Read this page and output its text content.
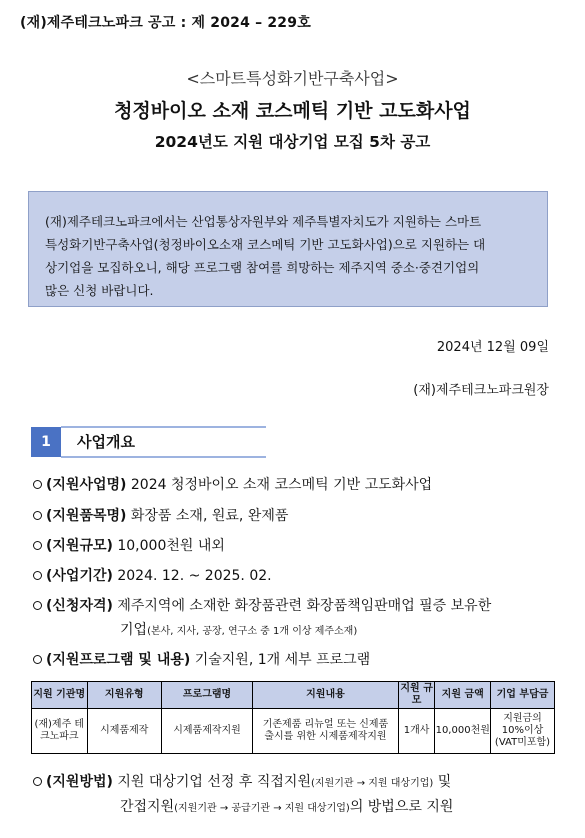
(재)제주테크노파크 공고 : 제 2024 – 229호
<스마트특성화기반구축사업>
청정바이오 소재 코스메틱 기반 고도화사업
2024년도 지원 대상기업 모집 5차 공고
(재)제주테크노파크에서는 산업통상자원부와 제주특별자치도가 지원하는 스마트
특성화기반구축사업(청정바이오소재 코스메틱 기반 고도화사업)으로 지원하는 대
상기업을 모집하오니, 해당 프로그램 참여를 희망하는 제주지역 중소·중견기업의
많은 신청 바랍니다.
2024년 12월 09일
(재)제주테크노파크원장
1	사업개요
(지원사업명) 2024 청정바이오 소재 코스메틱 기반 고도화사업
(지원품목명) 화장품 소재, 원료, 완제품
(지원규모) 10,000천원 내외
(사업기간) 2024. 12. ~ 2025. 02.
(신청자격) 제주지역에 소재한 화장품관련 화장품책임판매업 필증 보유한
기업(본사, 지사, 공장, 연구소 중 1개 이상 제주소재)
(지원프로그램 및 내용) 기술지원, 1개 세부 프로그램
지원 기관명	지원유형	프로그램명	지원내용	지원 규모	지원 금액	기업 부담금
(재)제주 테크노파크	시제품제작	시제품제작지원	기존제품 리뉴얼 또는 신제품 출시를 위한 시제품제작지원	1개사	10,000천원	지원금의 10%이상 (VAT미포함)
(지원방법) 지원 대상기업 선정 후 직접지원(지원기관 → 지원 대상기업) 및
간접지원(지원기관 → 공급기관 → 지원 대상기업)의 방법으로 지원
